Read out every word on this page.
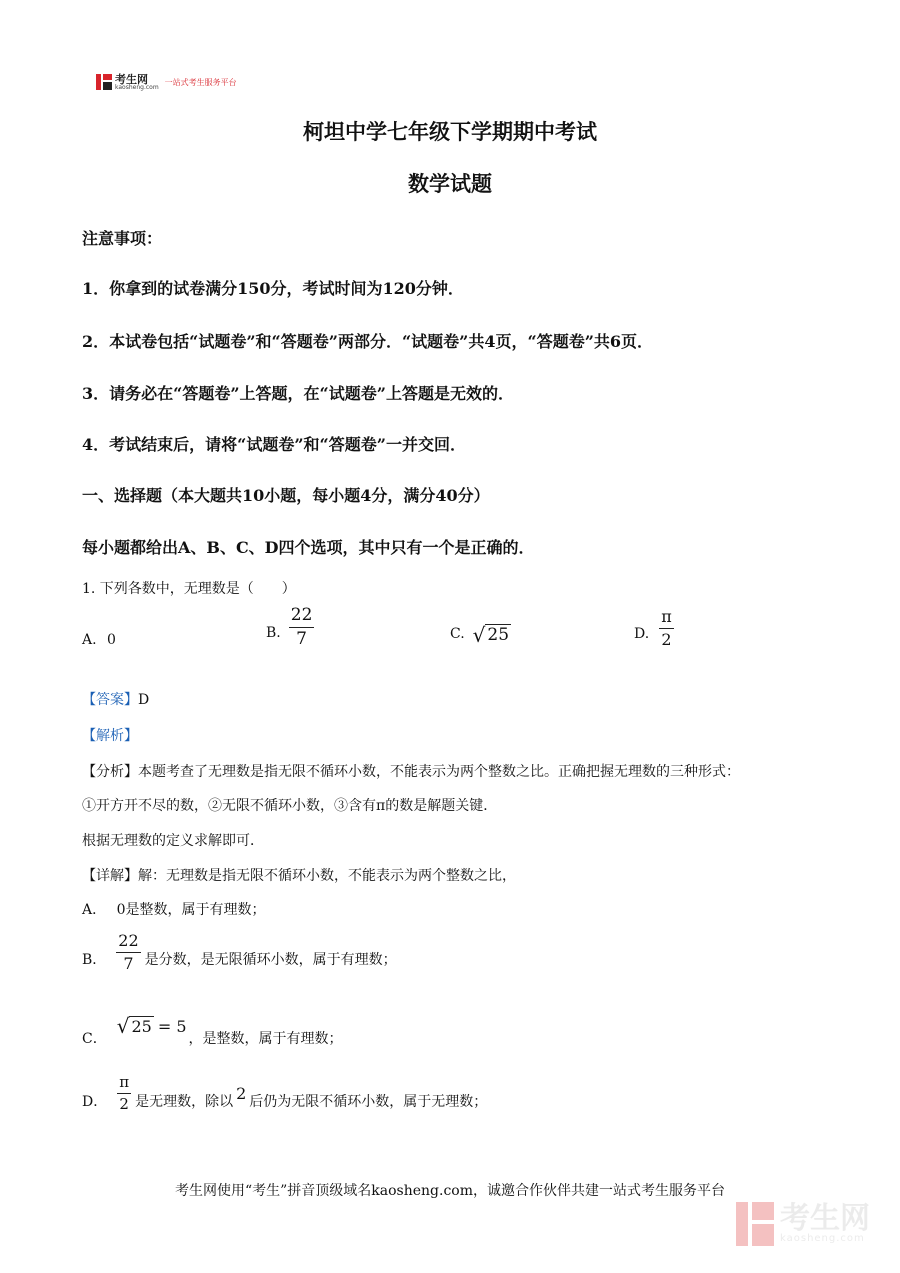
考生网
kaosheng.com
一站式考生服务平台
柯坦中学七年级下学期期中考试
数学试题
注意事项：
1．你拿到的试卷满分150分，考试时间为120分钟．
2．本试卷包括“试题卷”和“答题卷”两部分．“试题卷”共4页，“答题卷”共6页．
3．请务必在“答题卷”上答题，在“试题卷”上答题是无效的．
4．考试结束后，请将“试题卷”和“答题卷”一并交回．
一、选择题（本大题共10小题，每小题4分，满分40分）
每小题都给出A、B、C、D四个选项，其中只有一个是正确的．
1. 下列各数中，无理数是（　　）
A. 0	B. $\frac{22}{7}$	C. √ 25	D. $\frac{\pi}{2}$
【答案】D
【解析】
【分析】本题考查了无理数是指无限不循环小数，不能表示为两个整数之比。正确把握无理数的三种形式：
①开方开不尽的数，②无限不循环小数，③含有π的数是解题关键．
根据无理数的定义求解即可．
【详解】解：无理数是指无限不循环小数，不能表示为两个整数之比，
A． 0是整数，属于有理数；
B． $\frac{22}{7}$ 是分数，是无限循环小数，属于有理数；
C．
√ 25 = 5
，是整数，属于有理数；
D． $\frac{\pi}{2}$ 是无理数，除以 2 后仍为无限不循环小数，属于无理数；
考生网使用“考生”拼音顶级域名kaosheng.com，诚邀合作伙伴共建一站式考生服务平台
考生网
kaosheng.com
